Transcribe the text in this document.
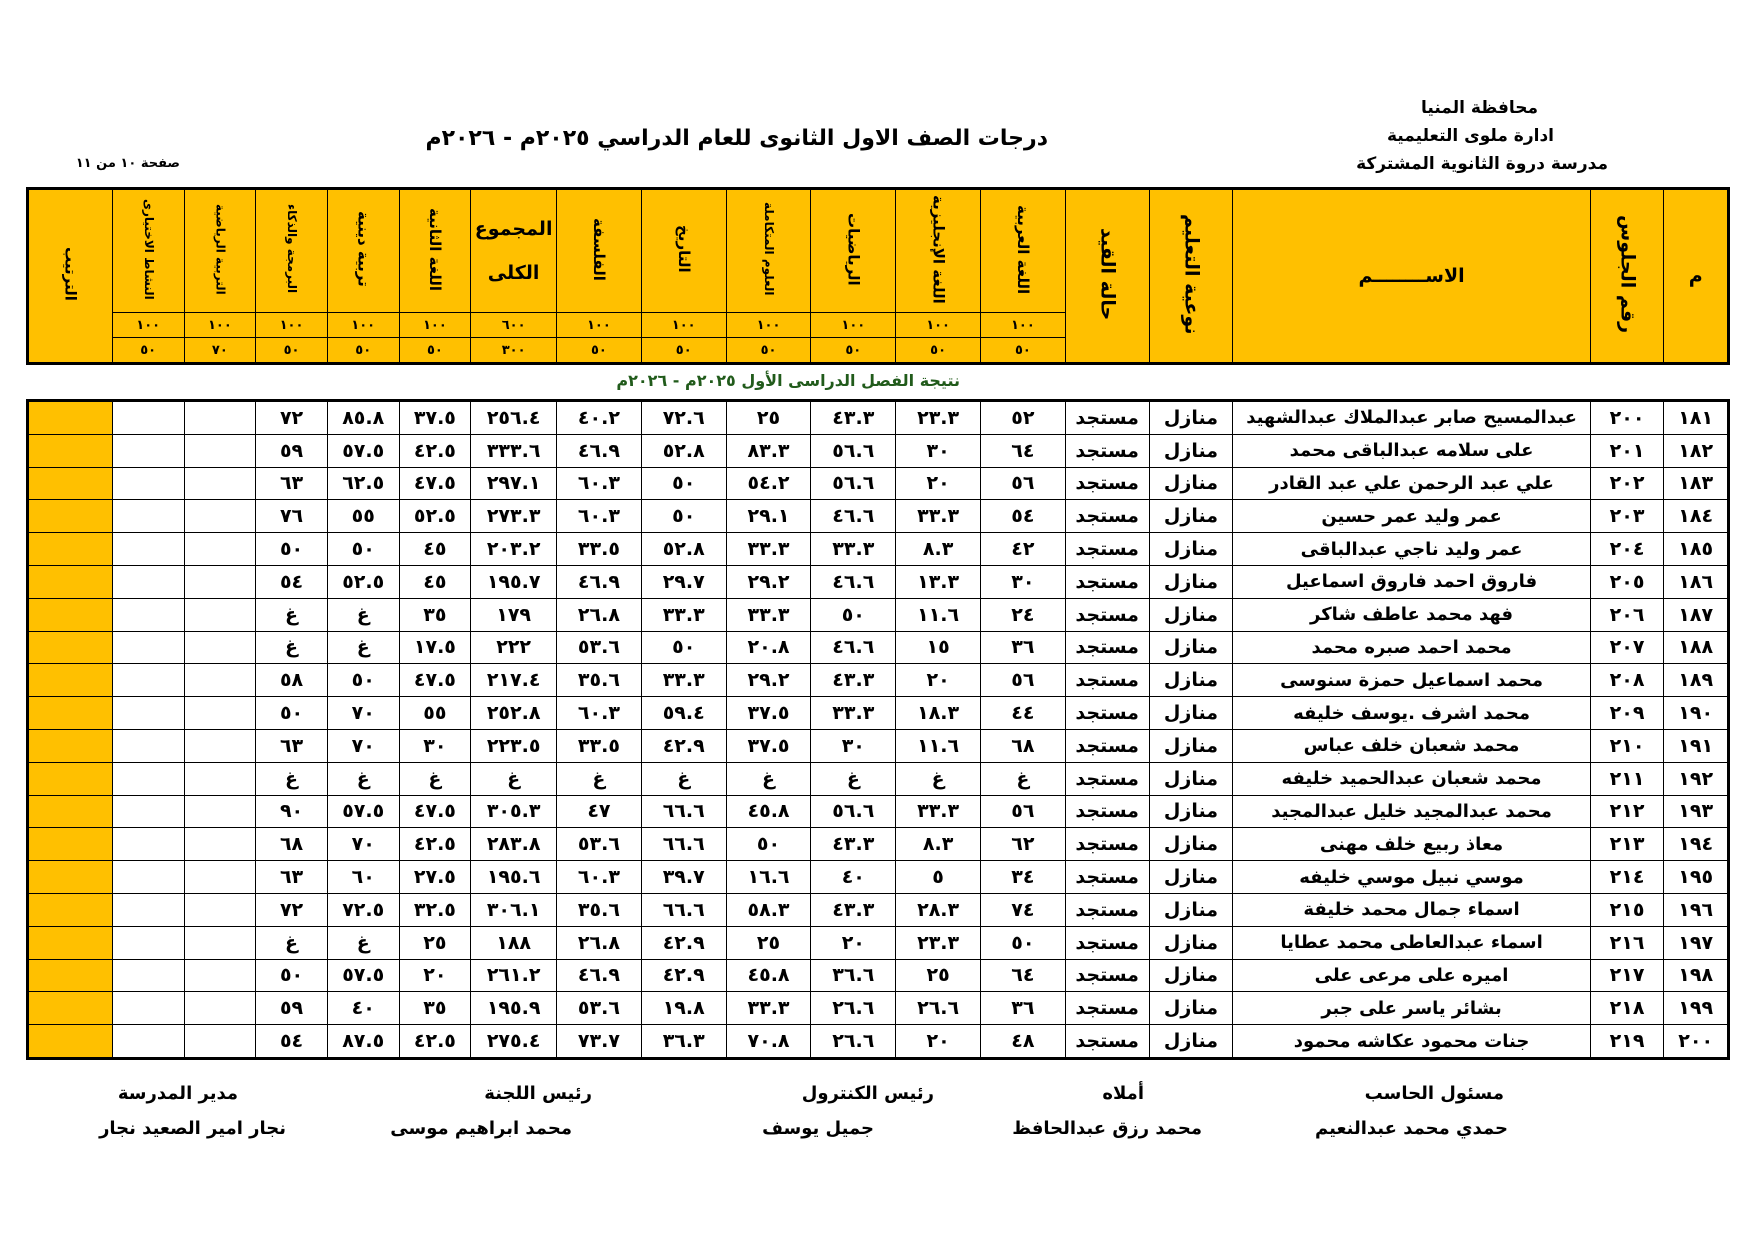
محافظة المنيا
ادارة ملوى التعليمية
مدرسة دروة الثانوية المشتركة
درجات الصف الاول الثانوى للعام الدراسي ٢٠٢٥م - ٢٠٢٦م
صفحة ١٠ من ١١
م	رقم الجلوس	الاســــــــم	نوعية التعليم	حالة القيد	اللغة العربية	اللغة الإنجليزية	الرياضيات	العلوم المتكاملة	التاريخ	الفلسفة	المجموع
الكلى	اللغة الثانية	تربية دينية	البرمجة والذكاء	التربية الرياضية	النشاط الاختيارى	الترتيب
					١٠٠	١٠٠	١٠٠	١٠٠	١٠٠	١٠٠	٦٠٠	١٠٠	١٠٠	١٠٠	١٠٠	١٠٠	
					٥٠	٥٠	٥٠	٥٠	٥٠	٥٠	٣٠٠	٥٠	٥٠	٥٠	٧٠	٥٠	
نتيجة الفصل الدراسى الأول ٢٠٢٥م - ٢٠٢٦م
١٨١	٢٠٠	عبدالمسيح صابر عبدالملاك عبدالشهيد	منازل	مستجد	٥٢	٢٣.٣	٤٣.٣	٢٥	٧٢.٦	٤٠.٢	٢٥٦.٤	٣٧.٥	٨٥.٨	٧٢			
١٨٢	٢٠١	على سلامه عبدالباقى محمد	منازل	مستجد	٦٤	٣٠	٥٦.٦	٨٣.٣	٥٢.٨	٤٦.٩	٣٣٣.٦	٤٢.٥	٥٧.٥	٥٩			
١٨٣	٢٠٢	علي عبد الرحمن علي عبد القادر	منازل	مستجد	٥٦	٢٠	٥٦.٦	٥٤.٢	٥٠	٦٠.٣	٢٩٧.١	٤٧.٥	٦٢.٥	٦٣			
١٨٤	٢٠٣	عمر وليد عمر حسين	منازل	مستجد	٥٤	٣٣.٣	٤٦.٦	٢٩.١	٥٠	٦٠.٣	٢٧٣.٣	٥٢.٥	٥٥	٧٦			
١٨٥	٢٠٤	عمر وليد ناجي عبدالباقى	منازل	مستجد	٤٢	٨.٣	٣٣.٣	٣٣.٣	٥٢.٨	٣٣.٥	٢٠٣.٢	٤٥	٥٠	٥٠			
١٨٦	٢٠٥	فاروق احمد فاروق اسماعيل	منازل	مستجد	٣٠	١٣.٣	٤٦.٦	٢٩.٢	٢٩.٧	٤٦.٩	١٩٥.٧	٤٥	٥٢.٥	٥٤			
١٨٧	٢٠٦	فهد محمد عاطف شاكر	منازل	مستجد	٢٤	١١.٦	٥٠	٣٣.٣	٣٣.٣	٢٦.٨	١٧٩	٣٥	غ	غ			
١٨٨	٢٠٧	محمد احمد صبره محمد	منازل	مستجد	٣٦	١٥	٤٦.٦	٢٠.٨	٥٠	٥٣.٦	٢٢٢	١٧.٥	غ	غ			
١٨٩	٢٠٨	محمد اسماعيل حمزة سنوسى	منازل	مستجد	٥٦	٢٠	٤٣.٣	٢٩.٢	٣٣.٣	٣٥.٦	٢١٧.٤	٤٧.٥	٥٠	٥٨			
١٩٠	٢٠٩	محمد اشرف .يوسف خليفه	منازل	مستجد	٤٤	١٨.٣	٣٣.٣	٣٧.٥	٥٩.٤	٦٠.٣	٢٥٢.٨	٥٥	٧٠	٥٠			
١٩١	٢١٠	محمد شعبان خلف عباس	منازل	مستجد	٦٨	١١.٦	٣٠	٣٧.٥	٤٢.٩	٣٣.٥	٢٢٣.٥	٣٠	٧٠	٦٣			
١٩٢	٢١١	محمد شعبان عبدالحميد خليفه	منازل	مستجد	غ	غ	غ	غ	غ	غ	غ	غ	غ	غ			
١٩٣	٢١٢	محمد عبدالمجيد خليل عبدالمجيد	منازل	مستجد	٥٦	٣٣.٣	٥٦.٦	٤٥.٨	٦٦.٦	٤٧	٣٠٥.٣	٤٧.٥	٥٧.٥	٩٠			
١٩٤	٢١٣	معاذ ربيع خلف مهنى	منازل	مستجد	٦٢	٨.٣	٤٣.٣	٥٠	٦٦.٦	٥٣.٦	٢٨٣.٨	٤٢.٥	٧٠	٦٨			
١٩٥	٢١٤	موسي نبيل موسي خليفه	منازل	مستجد	٣٤	٥	٤٠	١٦.٦	٣٩.٧	٦٠.٣	١٩٥.٦	٢٧.٥	٦٠	٦٣			
١٩٦	٢١٥	اسماء جمال محمد خليفة	منازل	مستجد	٧٤	٢٨.٣	٤٣.٣	٥٨.٣	٦٦.٦	٣٥.٦	٣٠٦.١	٣٢.٥	٧٢.٥	٧٢			
١٩٧	٢١٦	اسماء عبدالعاطى محمد عطايا	منازل	مستجد	٥٠	٢٣.٣	٢٠	٢٥	٤٢.٩	٢٦.٨	١٨٨	٢٥	غ	غ			
١٩٨	٢١٧	اميره على مرعى على	منازل	مستجد	٦٤	٢٥	٣٦.٦	٤٥.٨	٤٢.٩	٤٦.٩	٢٦١.٢	٢٠	٥٧.٥	٥٠			
١٩٩	٢١٨	بشائر ياسر على جبر	منازل	مستجد	٣٦	٢٦.٦	٢٦.٦	٣٣.٣	١٩.٨	٥٣.٦	١٩٥.٩	٣٥	٤٠	٥٩			
٢٠٠	٢١٩	جنات محمود عكاشه محمود	منازل	مستجد	٤٨	٢٠	٢٦.٦	٧٠.٨	٣٦.٣	٧٣.٧	٢٧٥.٤	٤٢.٥	٨٧.٥	٥٤			
مسئول الحاسب
حمدي محمد عبدالنعيم
أملاه
محمد رزق عبدالحافظ
رئيس الكنترول
جميل يوسف
رئيس اللجنة
محمد ابراهيم موسى
مدير المدرسة
نجار امير الصعيد نجار
